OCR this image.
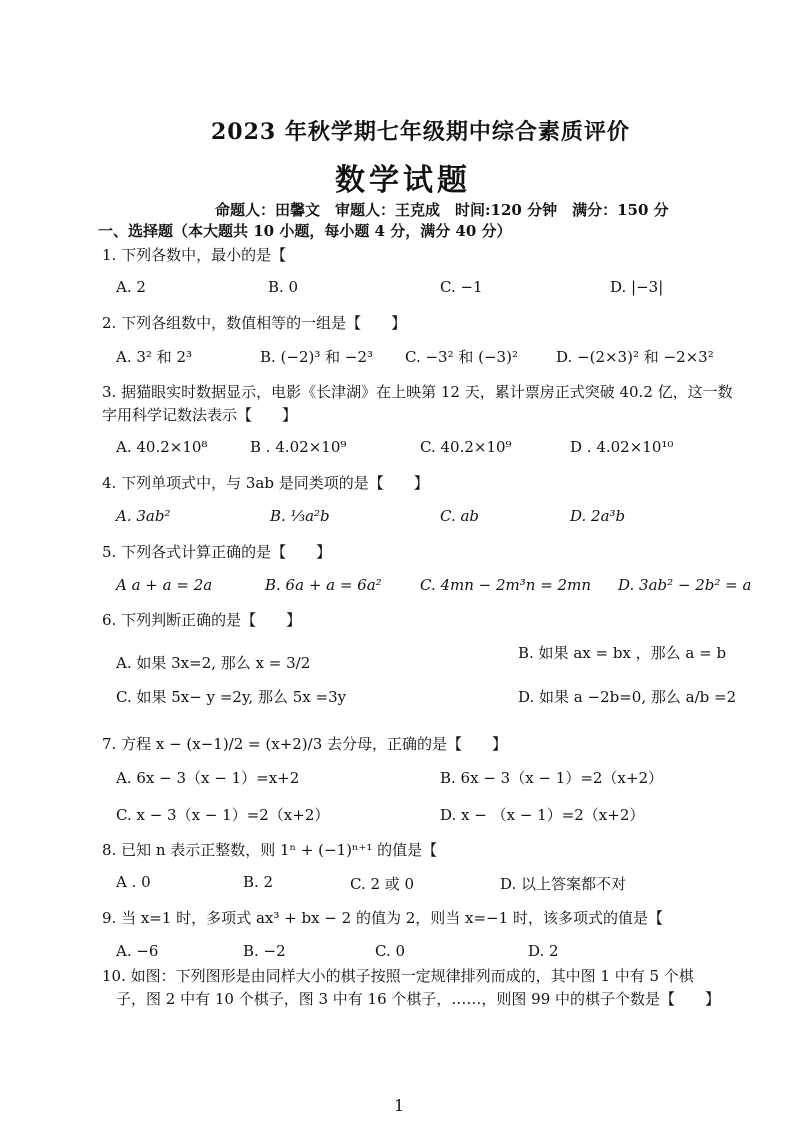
2023 年秋学期七年级期中综合素质评价
数学试题
命题人：田馨文　审题人：王克成　时间:120 分钟　满分：150 分
一、选择题（本大题共 10 小题，每小题 4 分，满分 40 分）
1. 下列各数中，最小的是【
A. 2	B. 0	C. −1	D. |−3|
2. 下列各组数中，数值相等的一组是【　　】
A. 3² 和 2³	B. (−2)³ 和 −2³ C. −3² 和 (−3)²	D. −(2×3)² 和 −2×3²
3. 据猫眼实时数据显示，电影《长津湖》在上映第 12 天，累计票房正式突破 40.2 亿，这一数
字用科学记数法表示【　　】
A. 40.2×10⁸	B . 4.02×10⁹	C. 40.2×10⁹	D . 4.02×10¹⁰
4. 下列单项式中，与 3ab 是同类项的是【　　】
A. 3ab²	B. ⅓a²b	C. ab	D. 2a³b
5. 下列各式计算正确的是【　　】
A a + a = 2a	B. 6a + a = 6a²	C. 4mn − 2m³n = 2mn D. 3ab² − 2b² = a
6. 下列判断正确的是【　　】
A. 如果 3x=2, 那么 x = 3/2
B. 如果 ax = bx ，那么 a = b
C. 如果 5x− y =2y, 那么 5x =3y	D. 如果 a −2b=0, 那么 a/b =2
7. 方程 x − (x−1)/2 = (x+2)/3 去分母，正确的是【　　】
A. 6x − 3（x − 1）=x+2	B. 6x − 3（x − 1）=2（x+2）
C. x − 3（x − 1）=2（x+2）	D. x − （x − 1）=2（x+2）
8. 已知 n 表示正整数，则 1ⁿ + (−1)ⁿ⁺¹ 的值是【
A . 0	B. 2	C. 2 或 0	D. 以上答案都不对
9. 当 x=1 时，多项式 ax³ + bx − 2 的值为 2，则当 x=−1 时，该多项式的值是【
A. −6	B. −2	C. 0	D. 2
10. 如图：下列图形是由同样大小的棋子按照一定规律排列而成的，其中图 1 中有 5 个棋
子，图 2 中有 10 个棋子，图 3 中有 16 个棋子，……，则图 99 中的棋子个数是【　　】
1
